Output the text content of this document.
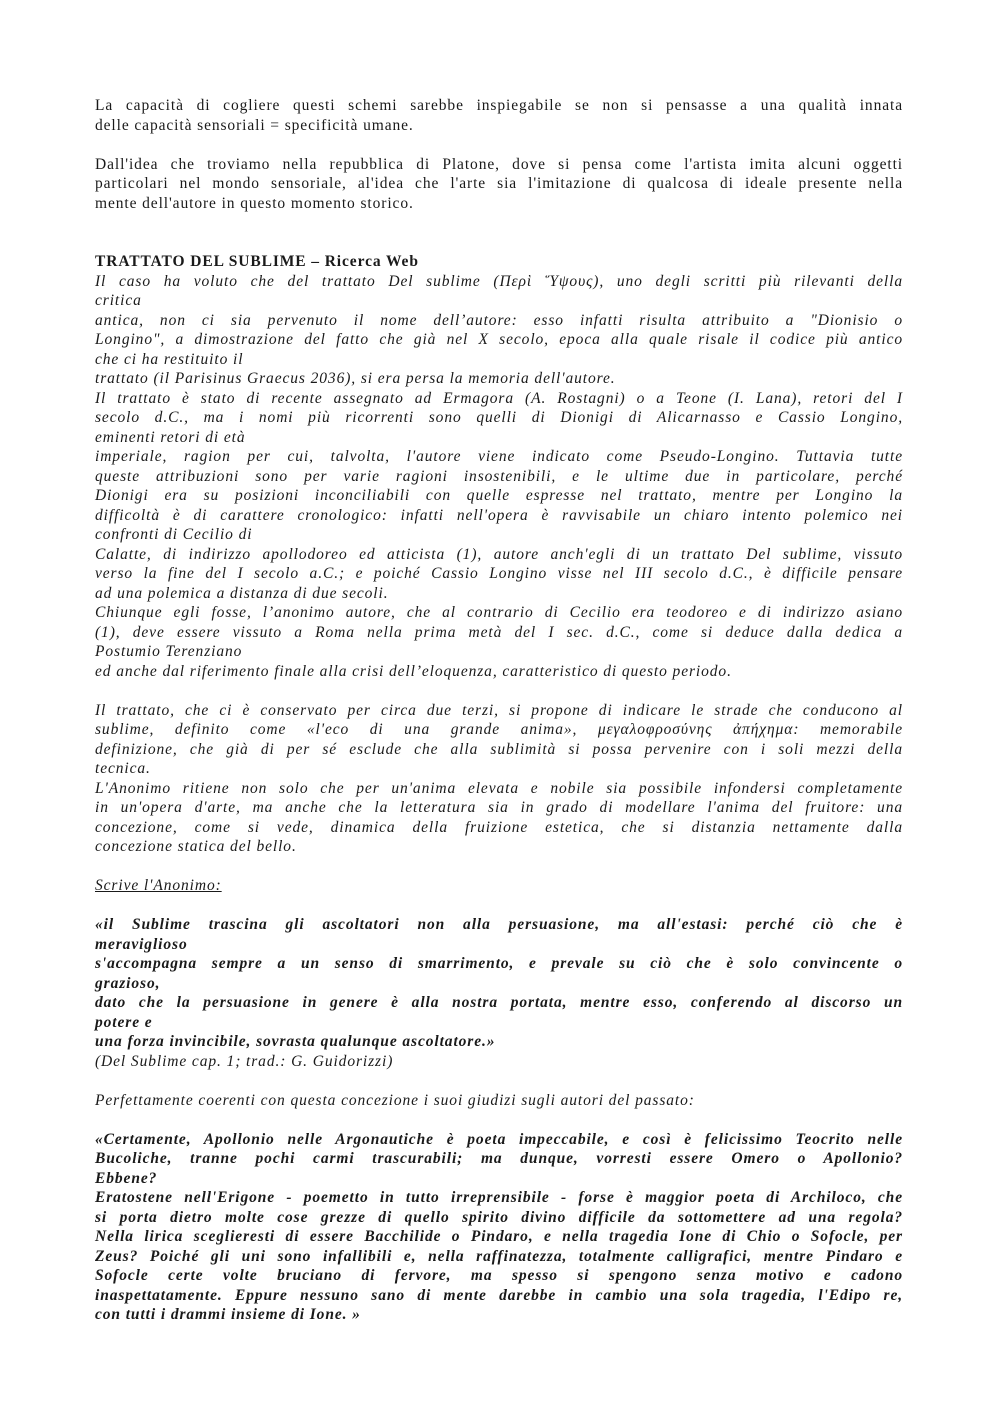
La capacità di cogliere questi schemi sarebbe inspiegabile se non si pensasse a una qualità innata
delle capacità sensoriali = specificità umane.

Dall'idea che troviamo nella repubblica di Platone, dove si pensa come l'artista imita alcuni oggetti
particolari nel mondo sensoriale, al'idea che l'arte sia l'imitazione di qualcosa di ideale presente nella
mente dell'autore in questo momento storico.

TRATTATO DEL SUBLIME – Ricerca Web

Il caso ha voluto che del trattato Del sublime (Περὶ Ὕψους), uno degli scritti più rilevanti della
critica
antica, non ci sia pervenuto il nome dell’autore: esso infatti risulta attribuito a "Dionisio o
Longino", a dimostrazione del fatto che già nel X secolo, epoca alla quale risale il codice più antico
che ci ha restituito il
trattato (il Parisinus Graecus 2036), si era persa la memoria dell'autore.
Il trattato è stato di recente assegnato ad Ermagora (A. Rostagni) o a Teone (I. Lana), retori del I
secolo d.C., ma i nomi più ricorrenti sono quelli di Dionigi di Alicarnasso e Cassio Longino,
eminenti retori di età
imperiale, ragion per cui, talvolta, l'autore viene indicato come Pseudo-Longino. Tuttavia tutte
queste attribuzioni sono per varie ragioni insostenibili, e le ultime due in particolare, perché
Dionigi era su posizioni inconciliabili con quelle espresse nel trattato, mentre per Longino la
difficoltà è di carattere cronologico: infatti nell'opera è ravvisabile un chiaro intento polemico nei
confronti di Cecilio di
Calatte, di indirizzo apollodoreo ed atticista (1), autore anch'egli di un trattato Del sublime, vissuto
verso la fine del I secolo a.C.; e poiché Cassio Longino visse nel III secolo d.C., è difficile pensare
ad una polemica a distanza di due secoli.
Chiunque egli fosse, l’anonimo autore, che al contrario di Cecilio era teodoreo e di indirizzo asiano
(1), deve essere vissuto a Roma nella prima metà del I sec. d.C., come si deduce dalla dedica a
Postumio Terenziano
ed anche dal riferimento finale alla crisi dell’eloquenza, caratteristico di questo periodo.

Il trattato, che ci è conservato per circa due terzi, si propone di indicare le strade che conducono al
sublime, definito come «l'eco di una grande anima», μεγαλοφροσύνης ἀπήχημα: memorabile
definizione, che già di per sé esclude che alla sublimità si possa pervenire con i soli mezzi della
tecnica.
L'Anonimo ritiene non solo che per un'anima elevata e nobile sia possibile infondersi completamente
in un'opera d'arte, ma anche che la letteratura sia in grado di modellare l'anima del fruitore: una
concezione, come si vede, dinamica della fruizione estetica, che si distanzia nettamente dalla
concezione statica del bello.

Scrive l'Anonimo:

«il Sublime trascina gli ascoltatori non alla persuasione, ma all'estasi: perché ciò che è
meraviglioso
s'accompagna sempre a un senso di smarrimento, e prevale su ciò che è solo convincente o
grazioso,
dato che la persuasione in genere è alla nostra portata, mentre esso, conferendo al discorso un
potere e
una forza invincibile, sovrasta qualunque ascoltatore.»

(Del Sublime cap. 1; trad.: G. Guidorizzi)

Perfettamente coerenti con questa concezione i suoi giudizi sugli autori del passato:

«Certamente, Apollonio nelle Argonautiche è poeta impeccabile, e così è felicissimo Teocrito nelle
Bucoliche, tranne pochi carmi trascurabili; ma dunque, vorresti essere Omero o Apollonio?
Ebbene?
Eratostene nell'Erigone - poemetto in tutto irreprensibile - forse è maggior poeta di Archiloco, che
si porta dietro molte cose grezze di quello spirito divino difficile da sottomettere ad una regola?
Nella lirica sceglieresti di essere Bacchilide o Pindaro, e nella tragedia Ione di Chio o Sofocle, per
Zeus? Poiché gli uni sono infallibili e, nella raffinatezza, totalmente calligrafici, mentre Pindaro e
Sofocle certe volte bruciano di fervore, ma spesso si spengono senza motivo e cadono
inaspettatamente. Eppure nessuno sano di mente darebbe in cambio una sola tragedia, l'Edipo re,
con tutti i drammi insieme di Ione. »
